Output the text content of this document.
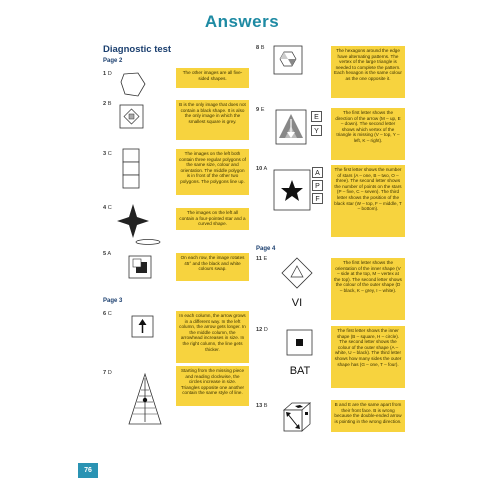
Answers
Diagnostic test
Page 2
1 D	The other images are all five-sided shapes.
2 B	B is the only image that does not contain a black shape. It is also the only image in which the smallest square is grey.
3 C	The images on the left both contain three regular polygons of the same size, colour and orientation. The middle polygon is in front of the other two polygons. The polygons line up.
4 C
The images on the left all contain a four-pointed star and a curved shape.
5 A
On each row, the image rotates 45° and the black and white colours swap.
Page 3
6 C	In each column, the arrow grows in a different way. In the left column, the arrow gets longer. In the middle column, the arrowhead increases in size. In the right column, the line gets thicker.
7 D	Starting from the missing piece and reading clockwise, the circles increase in size. Triangles opposite one another contain the same style of line.
8 B	The hexagons around the edge have alternating patterns. The vertex of the large triangle is needed to complete the pattern. Each hexagon is the same colour as the one opposite it.
9 E
E
Y
The first letter shows the direction of the arrow (M – up, E – down). The second letter shows which vertex of the triangle is missing (V – top, Y – left, K – right).
10 A
A
P
F
The first letter shows the number of stars (A – one, B – two, O – three). The second letter shows the number of points on the stars (P – five, C – seven). The third letter shows the position of the black star (W – top, F – middle, T – bottom).
Page 4
11 E
VI
The first letter shows the orientation of the inner shape (V – side at the top, M – vertex at the top). The second letter shows the colour of the outer shape (D – black, K – grey, I – white).
12 D
BAT
The first letter shows the inner shape (B – square, H – circle). The second letter shows the colour of the outer shape (A – white, U – black). The third letter shows how many sides the outer shape has (G – one, T – four).
13 B	B and E are the same apart from their front face. B is wrong because the double-ended arrow is pointing in the wrong direction.
76
